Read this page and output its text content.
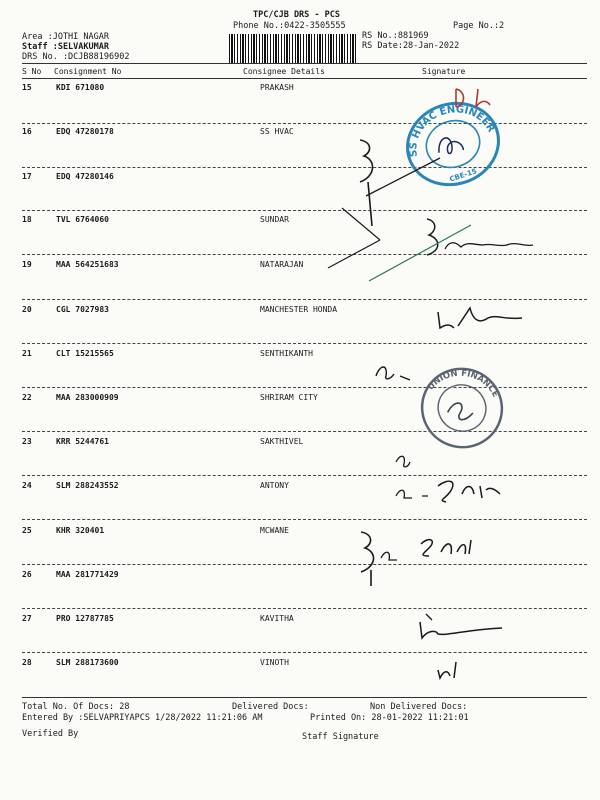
TPC/CJB DRS - PCS
Phone No.:0422-3505555	Page No.:2
Area :JOTHI NAGAR
Staff :SELVAKUMAR
DRS No. :DCJB88196902
RS No.:881969
RS Date:28-Jan-2022
S No Consignment No	Consignee Details	Signature
15	KDI 671080	PRAKASH
16	EDQ 47280178	SS HVAC
17	EDQ 47280146
18	TVL 6764060	SUNDAR
19	MAA 564251683	NATARAJAN
20	CGL 7027983	MANCHESTER HONDA
21	CLT 15215565	SENTHIKANTH
22	MAA 283000909	SHRIRAM CITY
23	KRR 5244761	SAKTHIVEL
24	SLM 288243552	ANTONY
25	KHR 320401	MCWANE
26	MAA 281771429
27	PRO 12787785	KAVITHA
28	SLM 288173600	VINOTH
Total No. Of Docs: 28	Delivered Docs:	Non Delivered Docs:
Entered By :SELVAPRIYAPCS 1/28/2022 11:21:06 AM	Printed On: 28-01-2022 11:21:01
Verified By	Staff Signature
SS HVAC ENGINEERS
CBE-15
UNION FINANCE
